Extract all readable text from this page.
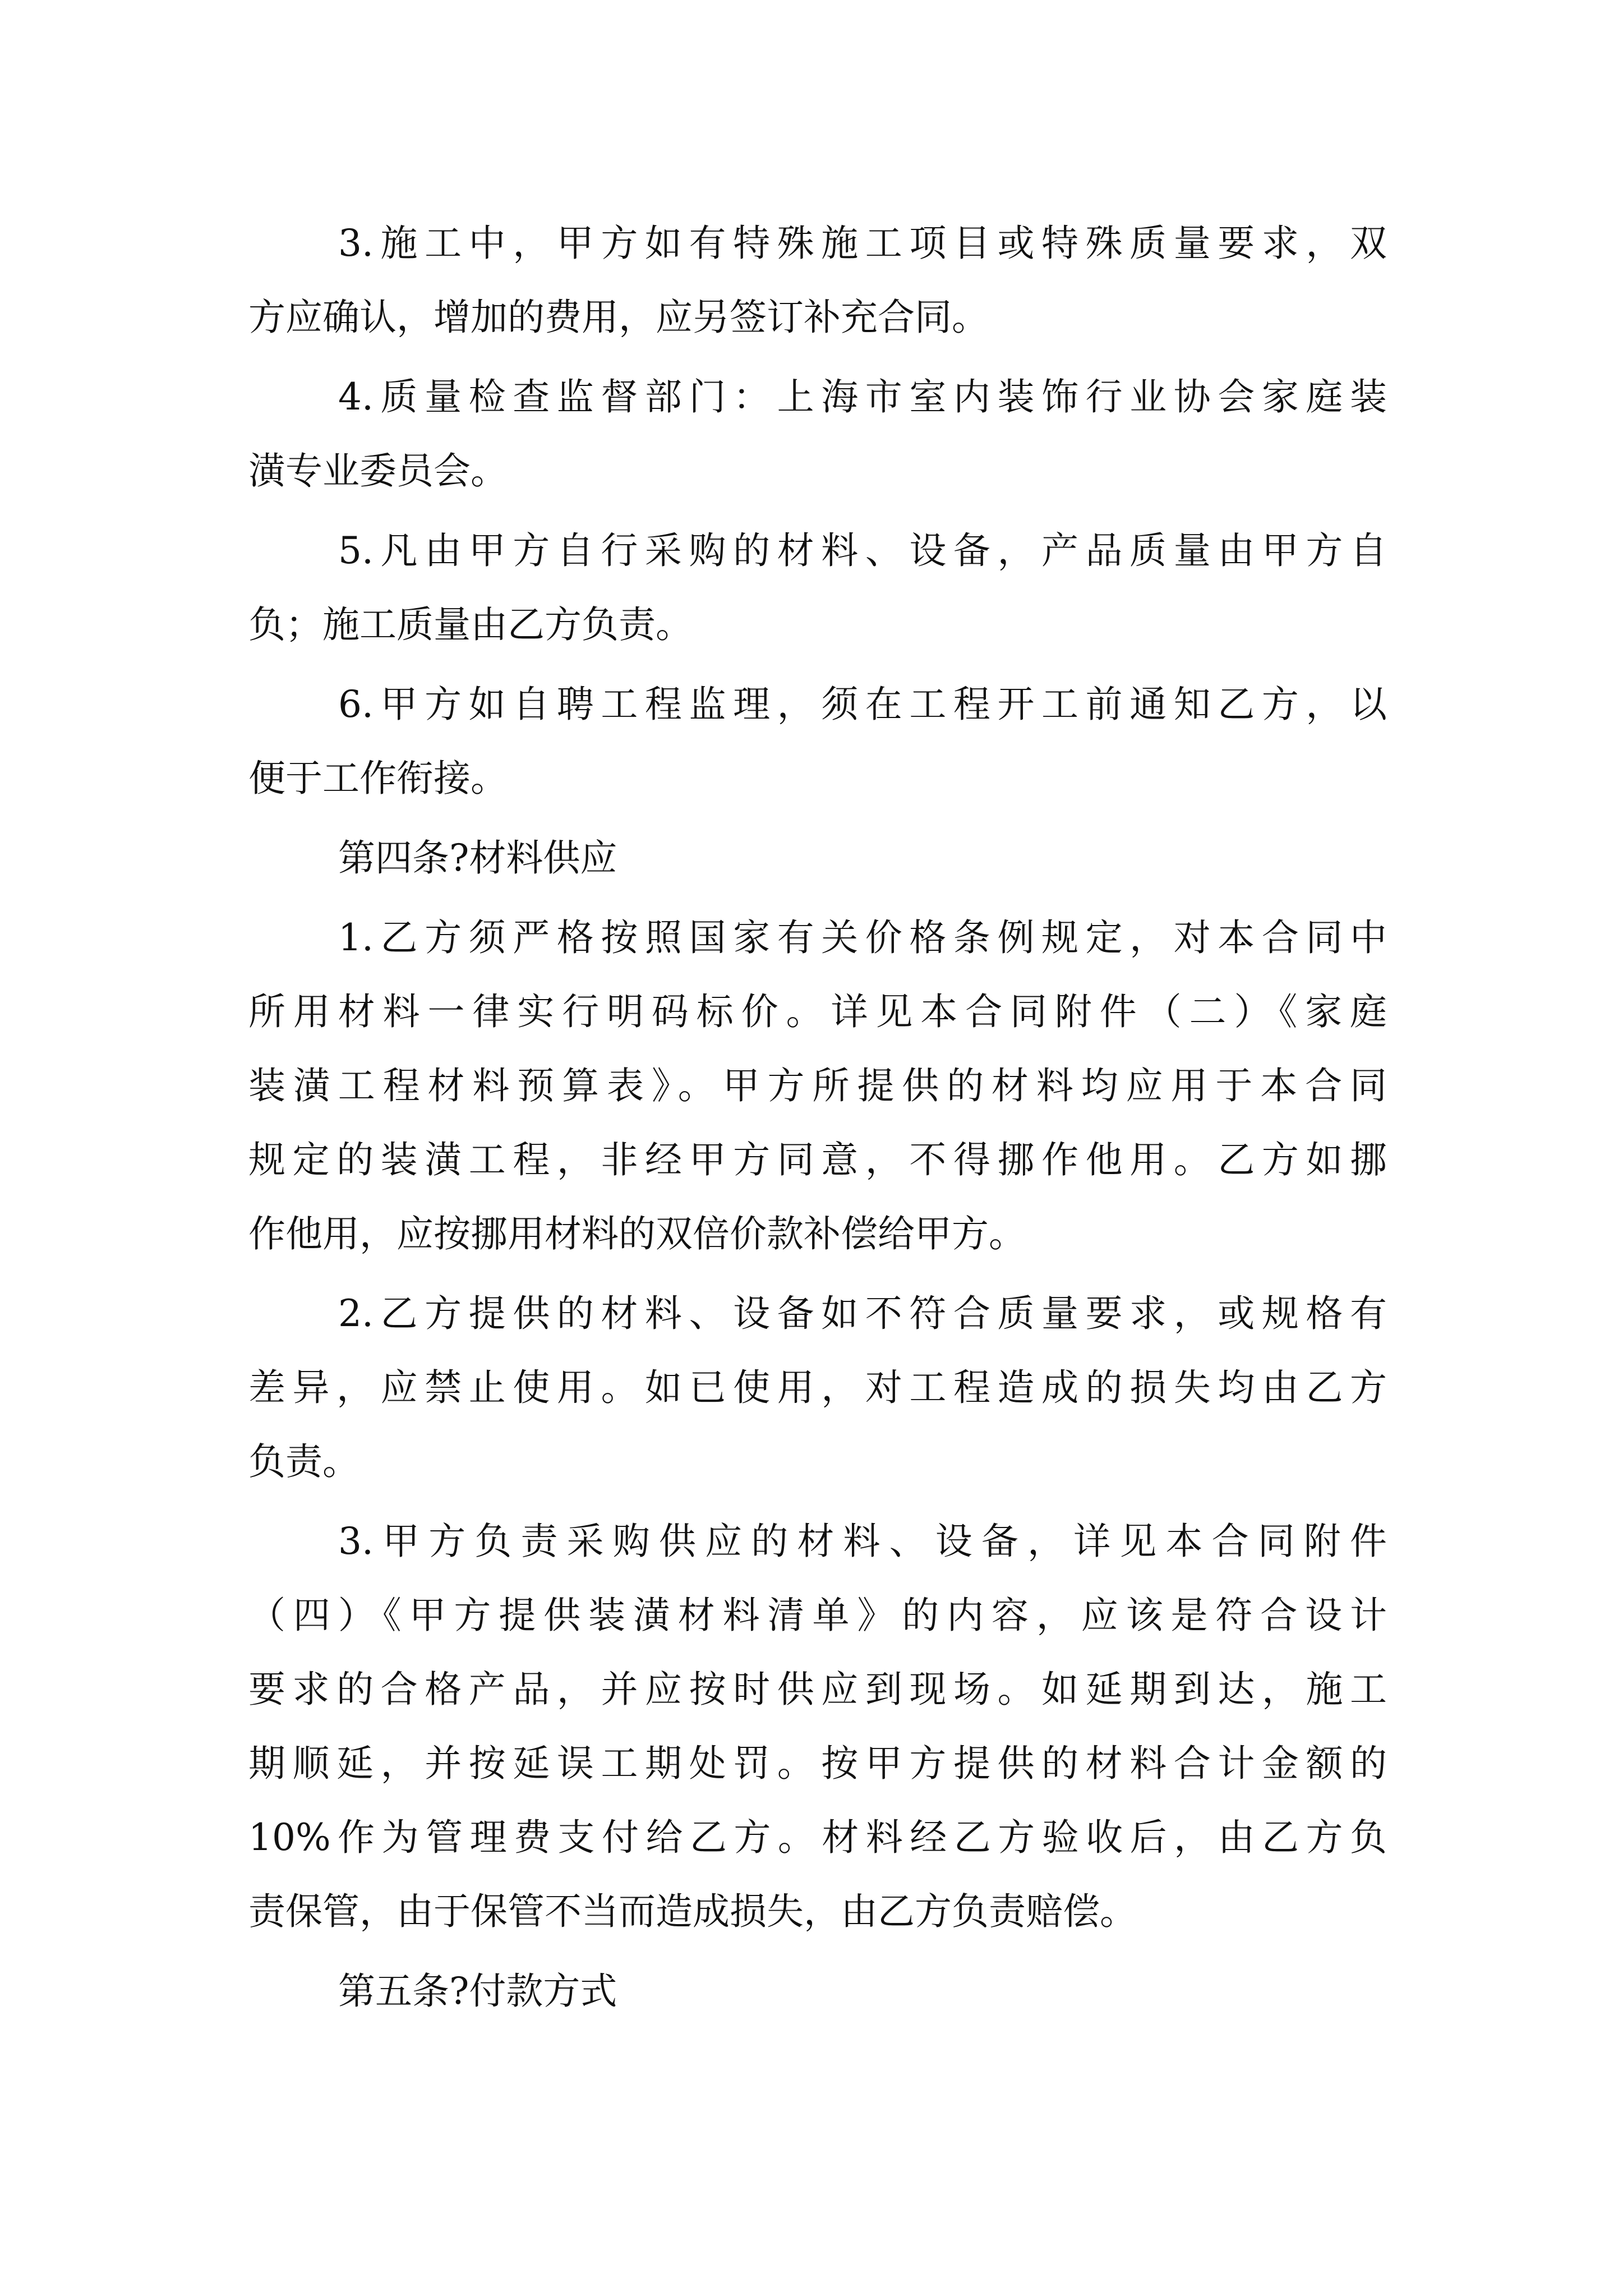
3.施工中，甲方如有特殊施工项目或特殊质量要求，双

方应确认，增加的费用，应另签订补充合同。

4.质量检查监督部门：上海市室内装饰行业协会家庭装

潢专业委员会。

5.凡由甲方自行采购的材料、设备，产品质量由甲方自

负；施工质量由乙方负责。

6.甲方如自聘工程监理，须在工程开工前通知乙方，以

便于工作衔接。

第四条?材料供应

1.乙方须严格按照国家有关价格条例规定，对本合同中

所用材料一律实行明码标价。详见本合同附件（二）《家庭

装潢工程材料预算表》。甲方所提供的材料均应用于本合同

规定的装潢工程，非经甲方同意，不得挪作他用。乙方如挪

作他用，应按挪用材料的双倍价款补偿给甲方。

2.乙方提供的材料、设备如不符合质量要求，或规格有

差异，应禁止使用。如已使用，对工程造成的损失均由乙方

负责。

3.甲方负责采购供应的材料、设备，详见本合同附件

（四）《甲方提供装潢材料清单》的内容，应该是符合设计

要求的合格产品，并应按时供应到现场。如延期到达，施工

期顺延，并按延误工期处罚。按甲方提供的材料合计金额的

10%作为管理费支付给乙方。材料经乙方验收后，由乙方负

责保管，由于保管不当而造成损失，由乙方负责赔偿。

第五条?付款方式
